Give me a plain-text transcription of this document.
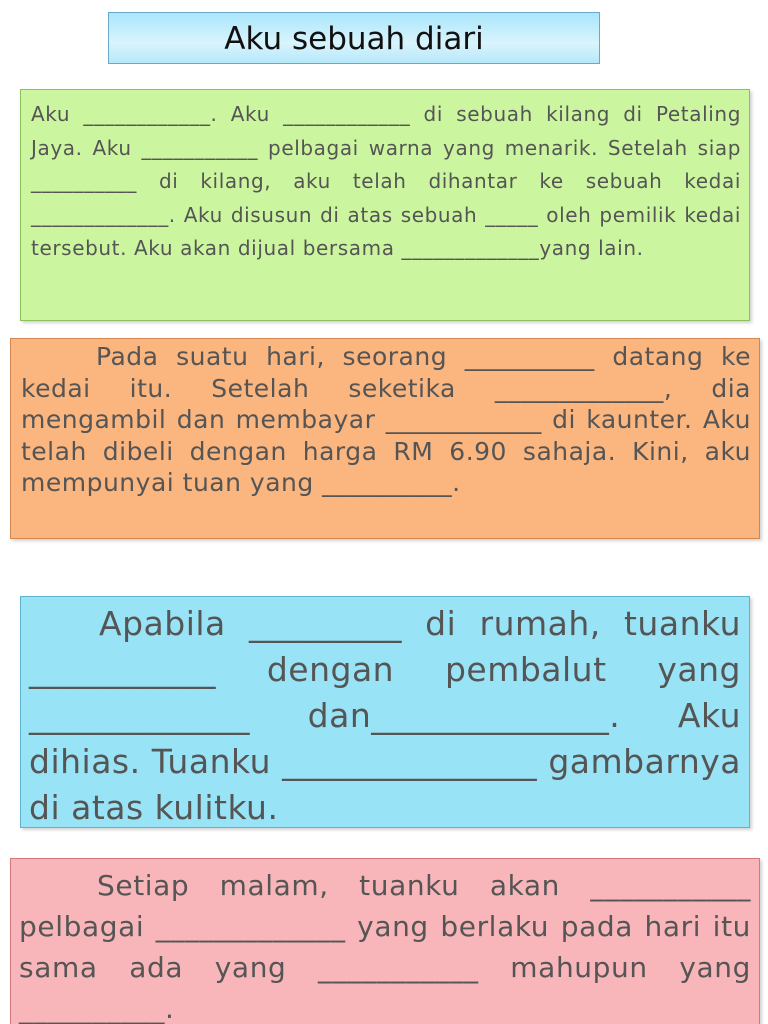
Aku sebuah diari

Aku ____________. Aku ____________ di sebuah kilang di Petaling Jaya. Aku ___________ pelbagai warna yang menarik. Setelah siap __________ di kilang, aku telah dihantar ke sebuah kedai _____________. Aku disusun di atas sebuah _____ oleh pemilik kedai tersebut. Aku akan dijual bersama _____________yang lain.

Pada suatu hari, seorang __________ datang ke kedai itu. Setelah seketika _____________, dia mengambil dan membayar ____________ di kaunter. Aku telah dibeli dengan harga RM 6.90 sahaja. Kini, aku mempunyai tuan yang __________.

Apabila _________ di rumah, tuanku ___________ dengan pembalut yang _____________ dan______________. Aku dihias. Tuanku _______________ gambarnya di atas kulitku.

Setiap malam, tuanku akan ___________ pelbagai _____________ yang berlaku pada hari itu sama ada yang ___________ mahupun yang __________.
